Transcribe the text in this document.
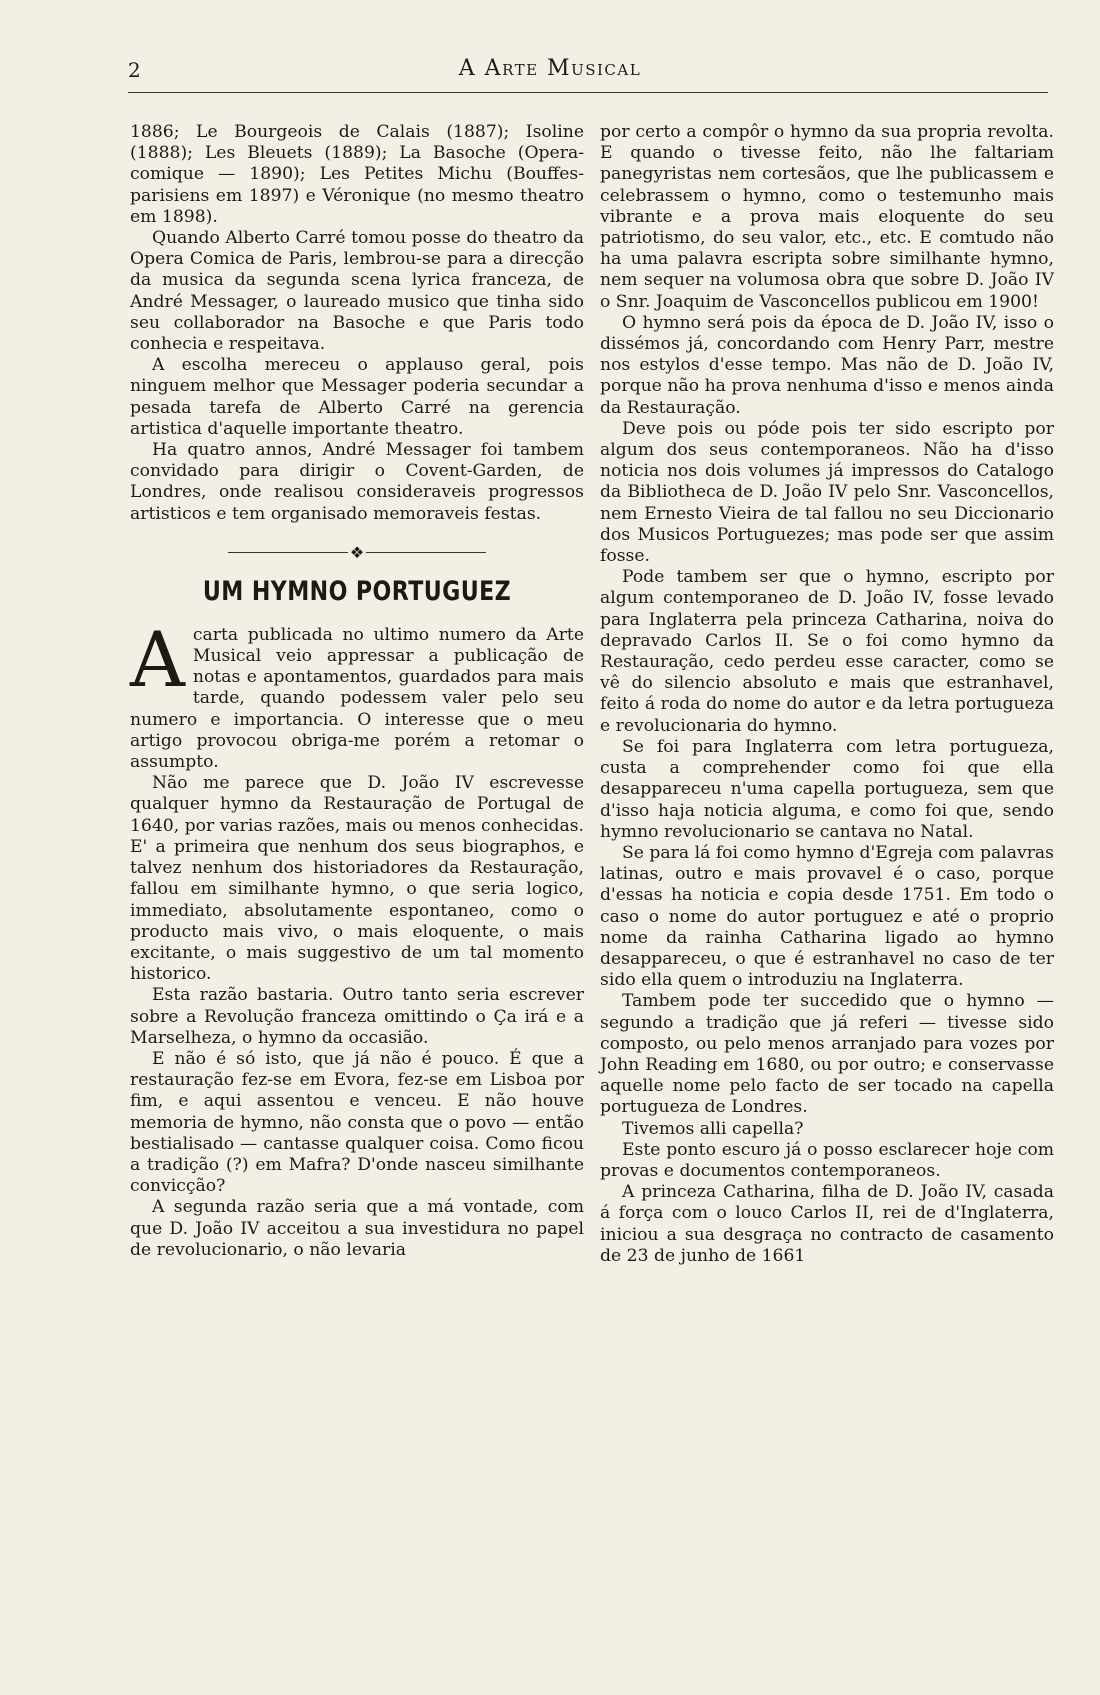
2	A Arte Musical

1886; Le Bourgeois de Calais (1887); Isoline (1888); Les Bleuets (1889); La Basoche (Opera-comique — 1890); Les Petites Michu (Bouffes-parisiens em 1897) e Véronique (no mesmo theatro em 1898).

Quando Alberto Carré tomou posse do theatro da Opera Comica de Paris, lembrou-se para a direcção da musica da segunda scena lyrica franceza, de André Messager, o laureado musico que tinha sido seu collaborador na Basoche e que Paris todo conhecia e respeitava.

A escolha mereceu o applauso geral, pois ninguem melhor que Messager poderia secundar a pesada tarefa de Alberto Carré na gerencia artistica d'aquelle importante theatro.

Ha quatro annos, André Messager foi tambem convidado para dirigir o Covent-Garden, de Londres, onde realisou consideraveis progressos artisticos e tem organisado memoraveis festas.

❖
UM HYMNO PORTUGUEZ

Acarta publicada no ultimo numero da Arte Musical veio appressar a publicação de notas e apontamentos, guardados para mais tarde, quando podessem valer pelo seu numero e importancia. O interesse que o meu artigo provocou obriga-me porém a retomar o assumpto.

Não me parece que D. João IV escrevesse qualquer hymno da Restauração de Portugal de 1640, por varias razões, mais ou menos conhecidas. E' a primeira que nenhum dos seus biographos, e talvez nenhum dos historiadores da Restauração, fallou em similhante hymno, o que seria logico, immediato, absolutamente espontaneo, como o producto mais vivo, o mais eloquente, o mais excitante, o mais suggestivo de um tal momento historico.

Esta razão bastaria. Outro tanto seria escrever sobre a Revolução franceza omittindo o Ça irá e a Marselheza, o hymno da occasião.

E não é só isto, que já não é pouco. É que a restauração fez-se em Evora, fez-se em Lisboa por fim, e aqui assentou e venceu. E não houve memoria de hymno, não consta que o povo — então bestialisado — cantasse qualquer coisa. Como ficou a tradição (?) em Mafra? D'onde nasceu similhante convicção?

A segunda razão seria que a má vontade, com que D. João IV acceitou a sua investidura no papel de revolucionario, o não levaria

por certo a compôr o hymno da sua propria revolta. E quando o tivesse feito, não lhe faltariam panegyristas nem cortesãos, que lhe publicassem e celebrassem o hymno, como o testemunho mais vibrante e a prova mais eloquente do seu patriotismo, do seu valor, etc., etc. E comtudo não ha uma palavra escripta sobre similhante hymno, nem sequer na volumosa obra que sobre D. João IV o Snr. Joaquim de Vasconcellos publicou em 1900!

O hymno será pois da época de D. João IV, isso o dissémos já, concordando com Henry Parr, mestre nos estylos d'esse tempo. Mas não de D. João IV, porque não ha prova nenhuma d'isso e menos ainda da Restauração.

Deve pois ou póde pois ter sido escripto por algum dos seus contemporaneos. Não ha d'isso noticia nos dois volumes já impressos do Catalogo da Bibliotheca de D. João IV pelo Snr. Vasconcellos, nem Ernesto Vieira de tal fallou no seu Diccionario dos Musicos Portuguezes; mas pode ser que assim fosse.

Pode tambem ser que o hymno, escripto por algum contemporaneo de D. João IV, fosse levado para Inglaterra pela princeza Catharina, noiva do depravado Carlos II. Se o foi como hymno da Restauração, cedo perdeu esse caracter, como se vê do silencio absoluto e mais que estranhavel, feito á roda do nome do autor e da letra portugueza e revolucionaria do hymno.

Se foi para Inglaterra com letra portugueza, custa a comprehender como foi que ella desappareceu n'uma capella portugueza, sem que d'isso haja noticia alguma, e como foi que, sendo hymno revolucionario se cantava no Natal.

Se para lá foi como hymno d'Egreja com palavras latinas, outro e mais provavel é o caso, porque d'essas ha noticia e copia desde 1751. Em todo o caso o nome do autor portuguez e até o proprio nome da rainha Catharina ligado ao hymno desappareceu, o que é estranhavel no caso de ter sido ella quem o introduziu na Inglaterra.

Tambem pode ter succedido que o hymno — segundo a tradição que já referi — tivesse sido composto, ou pelo menos arranjado para vozes por John Reading em 1680, ou por outro; e conservasse aquelle nome pelo facto de ser tocado na capella portugueza de Londres.

Tivemos alli capella?

Este ponto escuro já o posso esclarecer hoje com provas e documentos contemporaneos.

A princeza Catharina, filha de D. João IV, casada á força com o louco Carlos II, rei de d'Inglaterra, iniciou a sua desgraça no contracto de casamento de 23 de junho de 1661
